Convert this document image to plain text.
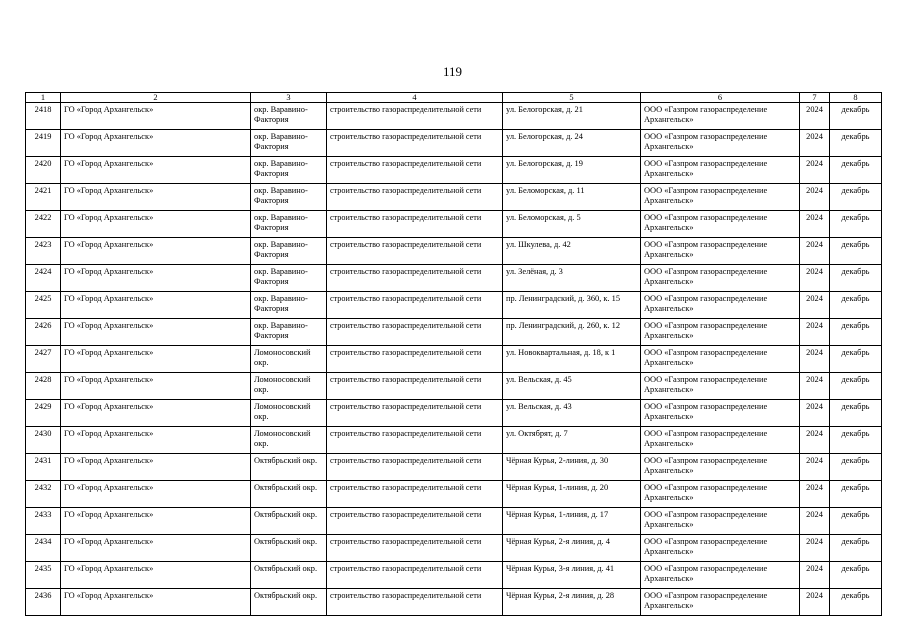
119
1	2	3	4	5	6	7	8
2418	ГО «Город Архангельск»	окр. Варавино-Фактория	строительство газораспределительной сети	ул. Белогорская, д. 21	ООО «Газпром газораспределение Архангельск»	2024	декабрь
2419	ГО «Город Архангельск»	окр. Варавино-Фактория	строительство газораспределительной сети	ул. Белогорская, д. 24	ООО «Газпром газораспределение Архангельск»	2024	декабрь
2420	ГО «Город Архангельск»	окр. Варавино-Фактория	строительство газораспределительной сети	ул. Белогорская, д. 19	ООО «Газпром газораспределение Архангельск»	2024	декабрь
2421	ГО «Город Архангельск»	окр. Варавино-Фактория	строительство газораспределительной сети	ул. Беломорская, д. 11	ООО «Газпром газораспределение Архангельск»	2024	декабрь
2422	ГО «Город Архангельск»	окр. Варавино-Фактория	строительство газораспределительной сети	ул. Беломорская, д. 5	ООО «Газпром газораспределение Архангельск»	2024	декабрь
2423	ГО «Город Архангельск»	окр. Варавино-Фактория	строительство газораспределительной сети	ул. Шкулева, д. 42	ООО «Газпром газораспределение Архангельск»	2024	декабрь
2424	ГО «Город Архангельск»	окр. Варавино-Фактория	строительство газораспределительной сети	ул. Зелёная, д. 3	ООО «Газпром газораспределение Архангельск»	2024	декабрь
2425	ГО «Город Архангельск»	окр. Варавино-Фактория	строительство газораспределительной сети	пр. Ленинградский, д. 360, к. 15	ООО «Газпром газораспределение Архангельск»	2024	декабрь
2426	ГО «Город Архангельск»	окр. Варавино-Фактория	строительство газораспределительной сети	пр. Ленинградский, д. 260, к. 12	ООО «Газпром газораспределение Архангельск»	2024	декабрь
2427	ГО «Город Архангельск»	Ломоносовский окр.	строительство газораспределительной сети	ул. Новоквартальная, д. 18, к 1	ООО «Газпром газораспределение Архангельск»	2024	декабрь
2428	ГО «Город Архангельск»	Ломоносовский окр.	строительство газораспределительной сети	ул. Вельская, д. 45	ООО «Газпром газораспределение Архангельск»	2024	декабрь
2429	ГО «Город Архангельск»	Ломоносовский окр.	строительство газораспределительной сети	ул. Вельская, д. 43	ООО «Газпром газораспределение Архангельск»	2024	декабрь
2430	ГО «Город Архангельск»	Ломоносовский окр.	строительство газораспределительной сети	ул. Октябрят, д. 7	ООО «Газпром газораспределение Архангельск»	2024	декабрь
2431	ГО «Город Архангельск»	Октябрьский окр.	строительство газораспределительной сети	Чёрная Курья, 2-линия, д. 30	ООО «Газпром газораспределение Архангельск»	2024	декабрь
2432	ГО «Город Архангельск»	Октябрьский окр.	строительство газораспределительной сети	Чёрная Курья, 1-линия, д. 20	ООО «Газпром газораспределение Архангельск»	2024	декабрь
2433	ГО «Город Архангельск»	Октябрьский окр.	строительство газораспределительной сети	Чёрная Курья, 1-линия, д. 17	ООО «Газпром газораспределение Архангельск»	2024	декабрь
2434	ГО «Город Архангельск»	Октябрьский окр.	строительство газораспределительной сети	Чёрная Курья, 2-я линия, д. 4	ООО «Газпром газораспределение Архангельск»	2024	декабрь
2435	ГО «Город Архангельск»	Октябрьский окр.	строительство газораспределительной сети	Чёрная Курья, 3-я линия, д. 41	ООО «Газпром газораспределение Архангельск»	2024	декабрь
2436	ГО «Город Архангельск»	Октябрьский окр.	строительство газораспределительной сети	Чёрная Курья, 2-я линия, д. 28	ООО «Газпром газораспределение Архангельск»	2024	декабрь
